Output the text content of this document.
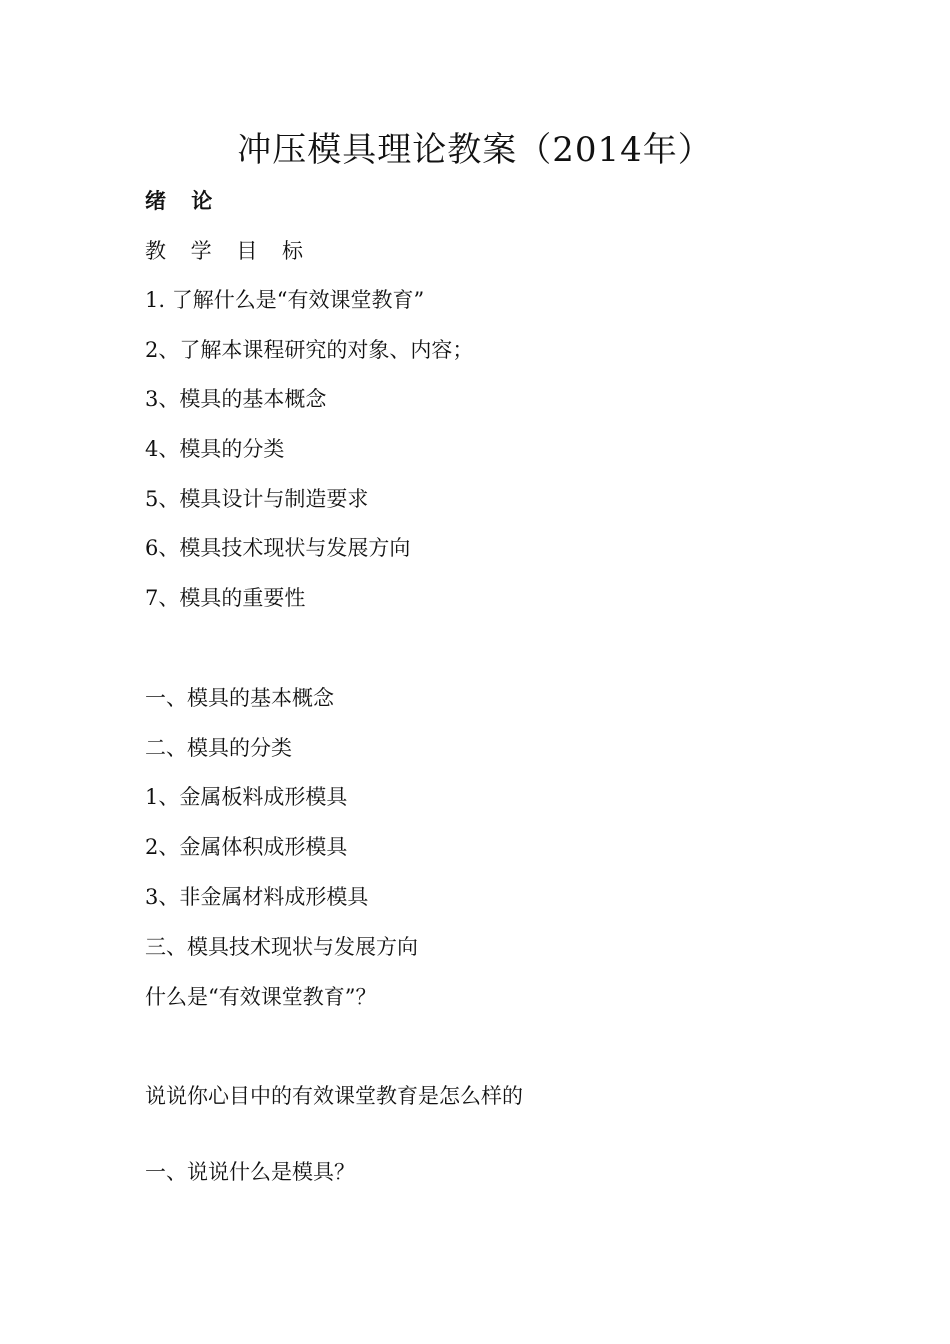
冲压模具理论教案（2014年）
绪 论
教 学 目 标
1. 了解什么是“有效课堂教育”
2、了解本课程研究的对象、内容；
3、模具的基本概念
4、模具的分类
5、模具设计与制造要求
6、模具技术现状与发展方向
7、模具的重要性
一、模具的基本概念
二、模具的分类
1、金属板料成形模具
2、金属体积成形模具
3、非金属材料成形模具
三、模具技术现状与发展方向
什么是“有效课堂教育”？
说说你心目中的有效课堂教育是怎么样的
一、说说什么是模具？
